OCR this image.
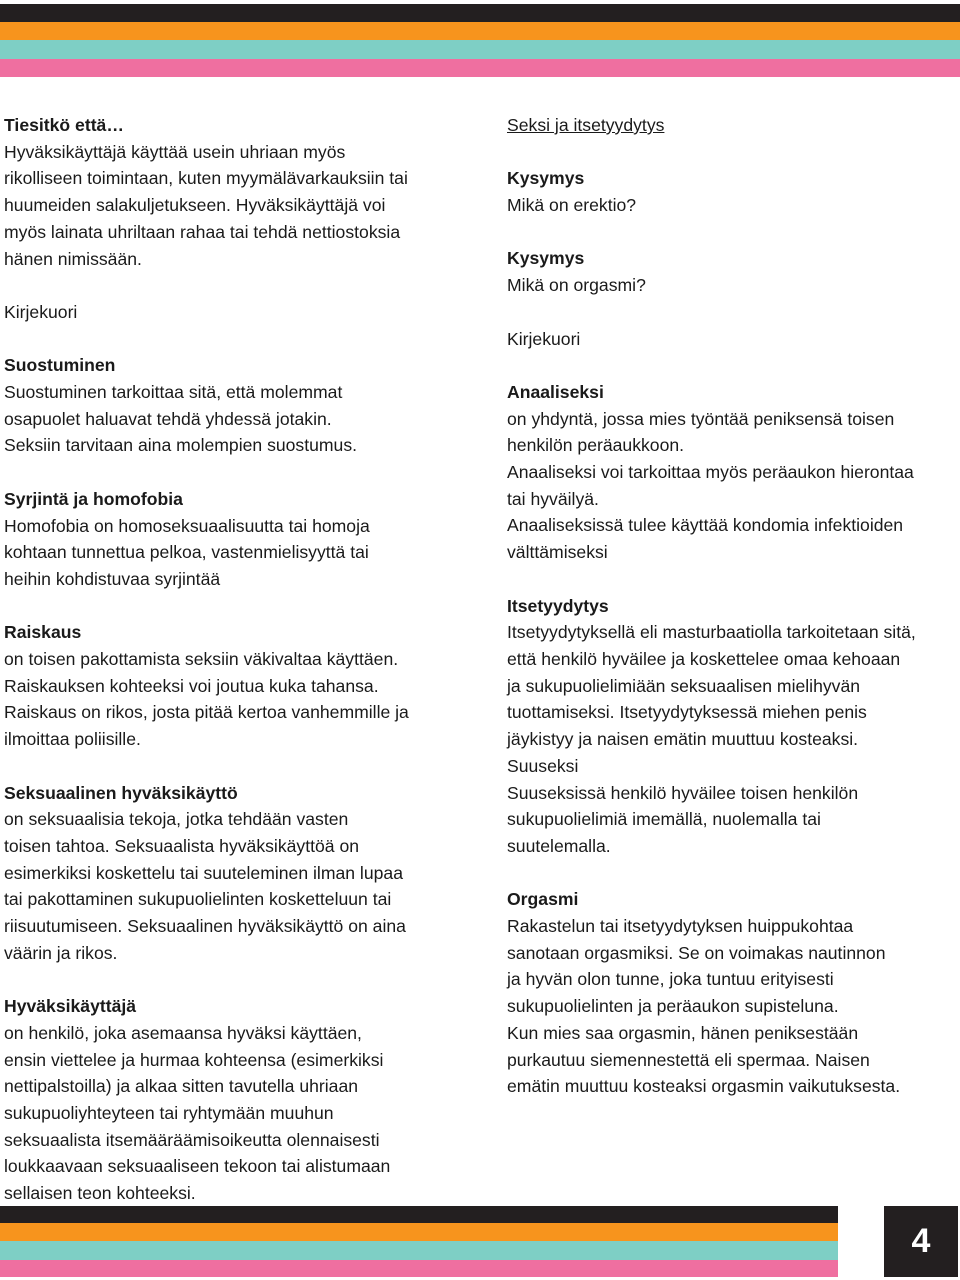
Tiesitkö että…

Hyväksikäyttäjä käyttää usein uhriaan myös

rikolliseen toimintaan, kuten myymälävarkauksiin tai

huumeiden salakuljetukseen. Hyväksikäyttäjä voi

myös lainata uhriltaan rahaa tai tehdä nettiostoksia

hänen nimissään.

Kirjekuori

Suostuminen

Suostuminen tarkoittaa sitä, että molemmat

osapuolet haluavat tehdä yhdessä jotakin.

Seksiin tarvitaan aina molempien suostumus.

Syrjintä ja homofobia

Homofobia on homoseksuaalisuutta tai homoja

kohtaan tunnettua pelkoa, vastenmielisyyttä tai

heihin kohdistuvaa syrjintää

Raiskaus

on toisen pakottamista seksiin väkivaltaa käyttäen.

Raiskauksen kohteeksi voi joutua kuka tahansa.

Raiskaus on rikos, josta pitää kertoa vanhemmille ja

ilmoittaa poliisille.

Seksuaalinen hyväksikäyttö

on seksuaalisia tekoja, jotka tehdään vasten

toisen tahtoa. Seksuaalista hyväksikäyttöä on

esimerkiksi koskettelu tai suuteleminen ilman lupaa

tai pakottaminen sukupuolielinten kosketteluun tai

riisuutumiseen. Seksuaalinen hyväksikäyttö on aina

väärin ja rikos.

Hyväksikäyttäjä

on henkilö, joka asemaansa hyväksi käyttäen,

ensin viettelee ja hurmaa kohteensa (esimerkiksi

nettipalstoilla) ja alkaa sitten tavutella uhriaan

sukupuoliyhteyteen tai ryhtymään muuhun

seksuaalista itsemääräämisoikeutta olennaisesti

loukkaavaan seksuaaliseen tekoon tai alistumaan

sellaisen teon kohteeksi.

Seksi ja itsetyydytys

Kysymys

Mikä on erektio?

Kysymys

Mikä on orgasmi?

Kirjekuori

Anaaliseksi

on yhdyntä, jossa mies työntää peniksensä toisen

henkilön peräaukkoon.

Anaaliseksi voi tarkoittaa myös peräaukon hierontaa

tai hyväilyä.

Anaaliseksissä tulee käyttää kondomia infektioiden

välttämiseksi

Itsetyydytys

Itsetyydytyksellä eli masturbaatiolla tarkoitetaan sitä,

että henkilö hyväilee ja koskettelee omaa kehoaan

ja sukupuolielimiään seksuaalisen mielihyvän

tuottamiseksi. Itsetyydytyksessä miehen penis

jäykistyy ja naisen emätin muuttuu kosteaksi.

Suuseksi

Suuseksissä henkilö hyväilee toisen henkilön

sukupuolielimiä imemällä, nuolemalla tai

suutelemalla.

Orgasmi

Rakastelun tai itsetyydytyksen huippukohtaa

sanotaan orgasmiksi. Se on voimakas nautinnon

ja hyvän olon tunne, joka tuntuu erityisesti

sukupuolielinten ja peräaukon supisteluna.

Kun mies saa orgasmin, hänen peniksestään

purkautuu siemennestettä eli spermaa. Naisen

emätin muuttuu kosteaksi orgasmin vaikutuksesta.

4
